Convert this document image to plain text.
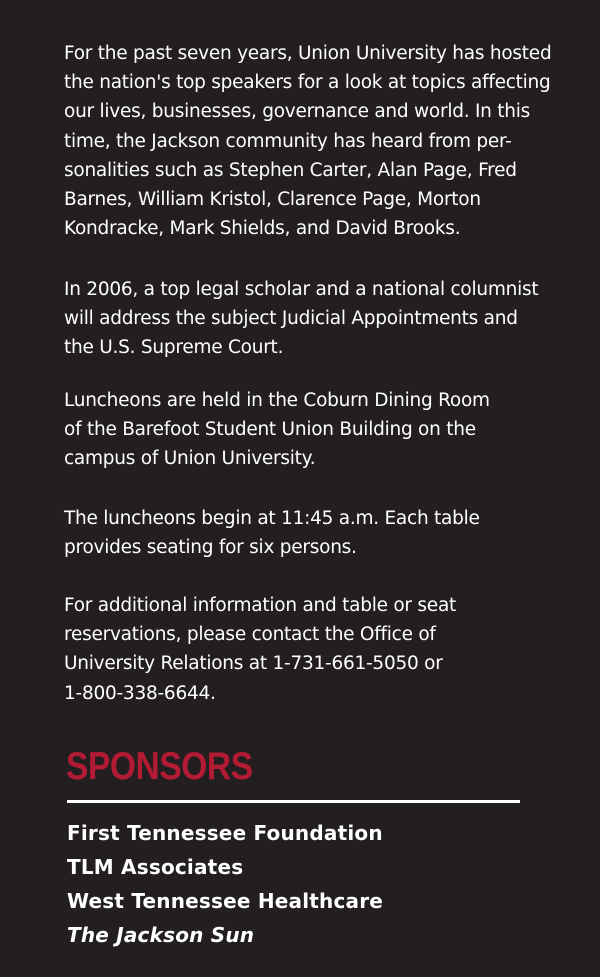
For the past seven years, Union University has hosted
the nation's top speakers for a look at topics affecting
our lives, businesses, governance and world. In this
time, the Jackson community has heard from per-
sonalities such as Stephen Carter, Alan Page, Fred
Barnes, William Kristol, Clarence Page, Morton
Kondracke, Mark Shields, and David Brooks.

In 2006, a top legal scholar and a national columnist
will address the subject Judicial Appointments and
the U.S. Supreme Court.

Luncheons are held in the Coburn Dining Room
of the Barefoot Student Union Building on the
campus of Union University.

The luncheons begin at 11:45 a.m. Each table
provides seating for six persons.

For additional information and table or seat
reservations, please contact the Office of
University Relations at 1-731-661-5050 or
1-800-338-6644.

SPONSORS
First Tennessee Foundation
TLM Associates
West Tennessee Healthcare
The Jackson Sun
